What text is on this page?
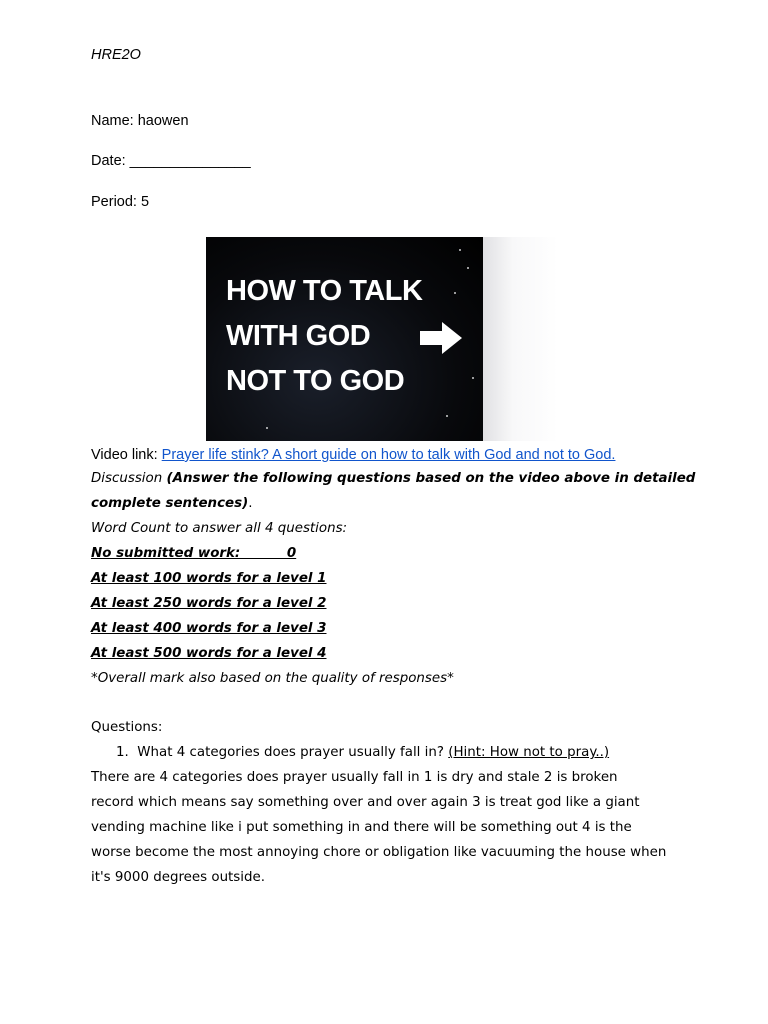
HRE2O
Name: haowen
Date: _______________
Period: 5
HOW TO TALK
WITH GOD
NOT TO GOD
Video link: Prayer life stink? A short guide on how to talk with God and not to God.
Discussion (Answer the following questions based on the video above in detailed
complete sentences).
Word Count to answer all 4 questions:
No submitted work:          0
At least 100 words for a level 1
At least 250 words for a level 2
At least 400 words for a level 3
At least 500 words for a level 4
*Overall mark also based on the quality of responses*
Questions:
1. What 4 categories does prayer usually fall in? (Hint: How not to pray..)
There are 4 categories does prayer usually fall in 1 is dry and stale 2 is broken
record which means say something over and over again 3 is treat god like a giant
vending machine like i put something in and there will be something out 4 is the
worse become the most annoying chore or obligation like vacuuming the house when
it's 9000 degrees outside.
